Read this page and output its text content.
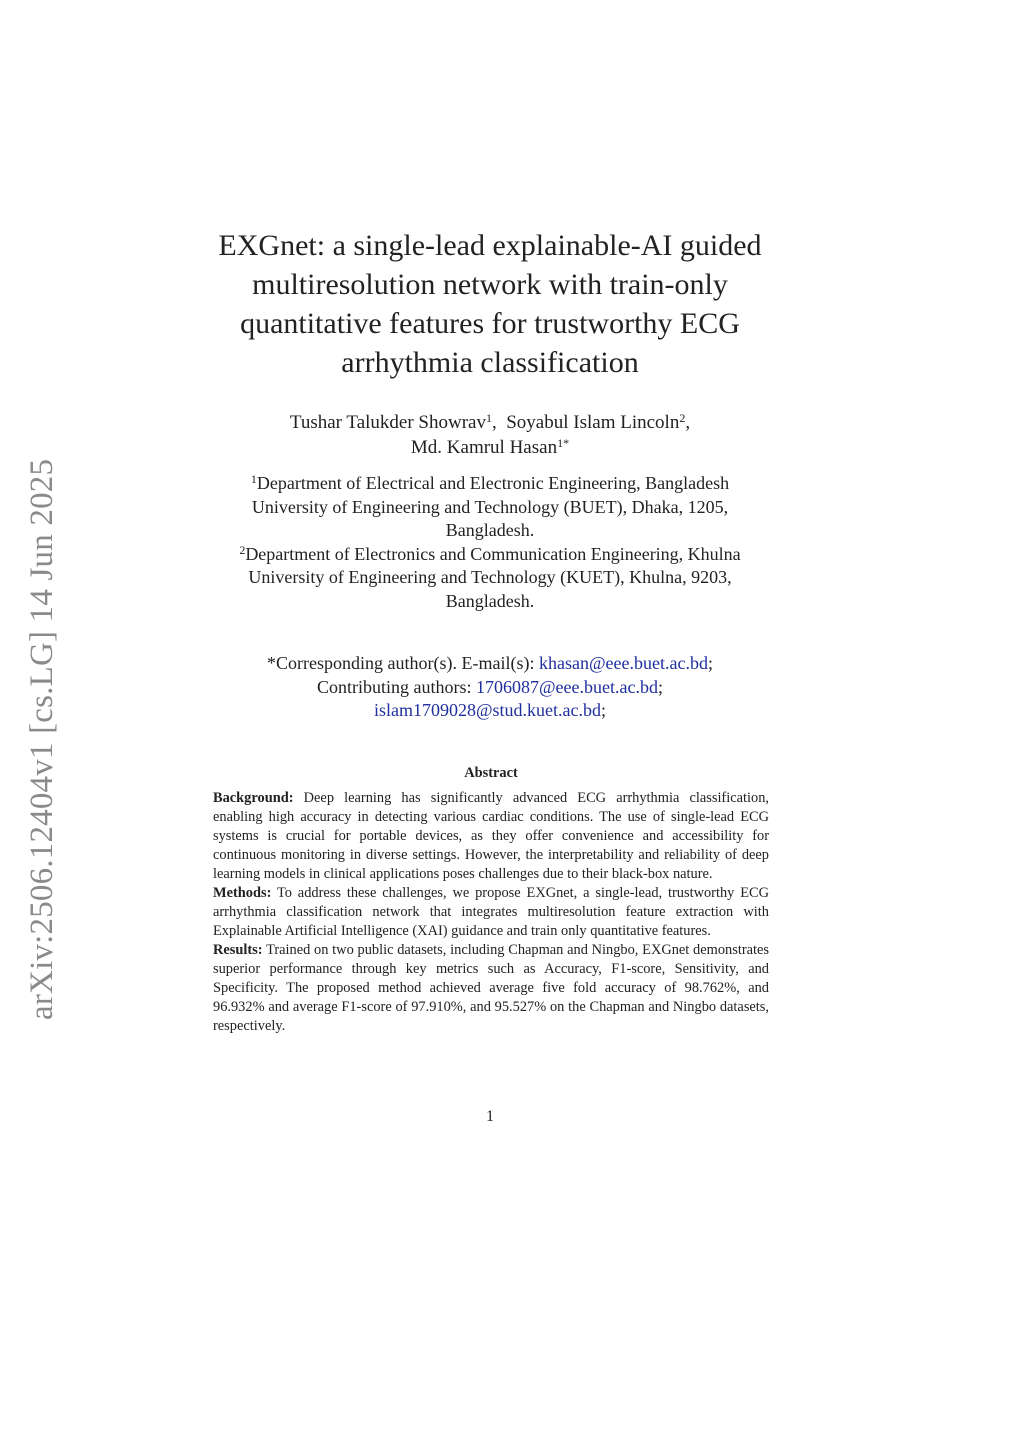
arXiv:2506.12404v1 [cs.LG] 14 Jun 2025
EXGnet: a single-lead explainable-AI guided
multiresolution network with train-only
quantitative features for trustworthy ECG
arrhythmia classification
Tushar Talukder Showrav$^1$,  Soyabul Islam Lincoln$^2$,
Md. Kamrul Hasan$^{1*}$
$^1$Department of Electrical and Electronic Engineering, Bangladesh
University of Engineering and Technology (BUET), Dhaka, 1205,
Bangladesh.
$^2$Department of Electronics and Communication Engineering, Khulna
University of Engineering and Technology (KUET), Khulna, 9203,
Bangladesh.
*Corresponding author(s). E-mail(s): khasan@eee.buet.ac.bd;
Contributing authors: 1706087@eee.buet.ac.bd;
islam1709028@stud.kuet.ac.bd;
Abstract

Background: Deep learning has significantly advanced ECG arrhythmia classification, enabling high accuracy in detecting various cardiac conditions. The use of single-lead ECG systems is crucial for portable devices, as they offer convenience and accessibility for continuous monitoring in diverse settings. However, the interpretability and reliability of deep learning models in clinical applications poses challenges due to their black-box nature.

Methods: To address these challenges, we propose EXGnet, a single-lead, trustworthy ECG arrhythmia classification network that integrates multiresolution feature extraction with Explainable Artificial Intelligence (XAI) guidance and train only quantitative features.

Results: Trained on two public datasets, including Chapman and Ningbo, EXGnet demonstrates superior performance through key metrics such as Accuracy, F1-score, Sensitivity, and Specificity. The proposed method achieved average five fold accuracy of 98.762%, and 96.932% and average F1-score of 97.910%, and 95.527% on the Chapman and Ningbo datasets, respectively.

1
